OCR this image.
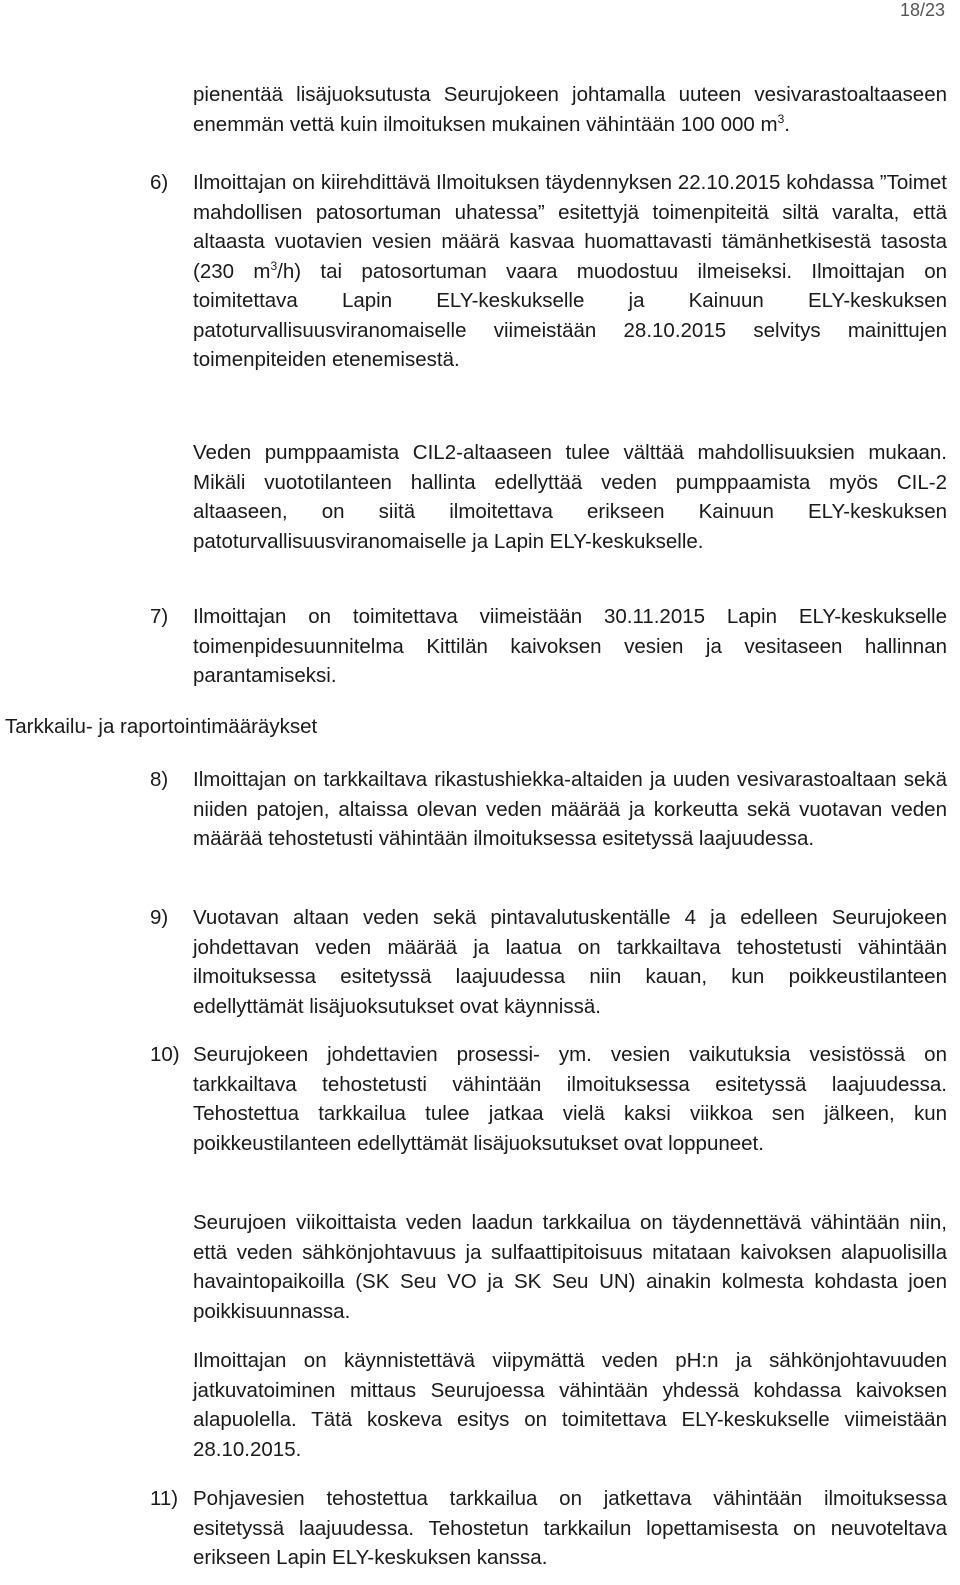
18/23

pienentää lisäjuoksutusta Seurujokeen johtamalla uuteen vesivarastoaltaaseen enemmän vettä kuin ilmoituksen mukainen vähintään 100 000 $m^3$.

6) Ilmoittajan on kiirehdittävä Ilmoituksen täydennyksen 22.10.2015 kohdassa ”Toimet mahdollisen patosortuman uhatessa” esitettyjä toimenpiteitä siltä varalta, että altaasta vuotavien vesien määrä kasvaa huomattavasti tämänhetkisestä tasosta (230 $m^3/h$) tai patosortuman vaara muodostuu ilmeiseksi. Ilmoittajan on toimitettava Lapin ELY-keskukselle ja Kainuun ELY-keskuksen patoturvallisuusviranomaiselle viimeistään 28.10.2015 selvitys mainittujen toimenpiteiden etenemisestä.

Veden pumppaamista CIL2-altaaseen tulee välttää mahdollisuuksien mukaan. Mikäli vuototilanteen hallinta edellyttää veden pumppaamista myös CIL-2 altaaseen, on siitä ilmoitettava erikseen Kainuun ELY-keskuksen patoturvallisuusviranomaiselle ja Lapin ELY-keskukselle.

7) Ilmoittajan on toimitettava viimeistään 30.11.2015 Lapin ELY-keskukselle toimenpidesuunnitelma Kittilän kaivoksen vesien ja vesitaseen hallinnan parantamiseksi.

Tarkkailu- ja raportointimääräykset

8) Ilmoittajan on tarkkailtava rikastushiekka-altaiden ja uuden vesivarastoaltaan sekä niiden patojen, altaissa olevan veden määrää ja korkeutta sekä vuotavan veden määrää tehostetusti vähintään ilmoituksessa esitetyssä laajuudessa.

9) Vuotavan altaan veden sekä pintavalutuskentälle 4 ja edelleen Seurujokeen johdettavan veden määrää ja laatua on tarkkailtava tehostetusti vähintään ilmoituksessa esitetyssä laajuudessa niin kauan, kun poikkeustilanteen edellyttämät lisäjuoksutukset ovat käynnissä.

10) Seurujokeen johdettavien prosessi- ym. vesien vaikutuksia vesistössä on tarkkailtava tehostetusti vähintään ilmoituksessa esitetyssä laajuudessa. Tehostettua tarkkailua tulee jatkaa vielä kaksi viikkoa sen jälkeen, kun poikkeustilanteen edellyttämät lisäjuoksutukset ovat loppuneet.

Seurujoen viikoittaista veden laadun tarkkailua on täydennettävä vähintään niin, että veden sähkönjohtavuus ja sulfaattipitoisuus mitataan kaivoksen alapuolisilla havaintopaikoilla (SK Seu VO ja SK Seu UN) ainakin kolmesta kohdasta joen poikkisuunnassa.

Ilmoittajan on käynnistettävä viipymättä veden pH:n ja sähkönjohtavuuden jatkuvatoiminen mittaus Seurujoessa vähintään yhdessä kohdassa kaivoksen alapuolella. Tätä koskeva esitys on toimitettava ELY-keskukselle viimeistään 28.10.2015.

11) Pohjavesien tehostettua tarkkailua on jatkettava vähintään ilmoituksessa esitetyssä laajuudessa. Tehostetun tarkkailun lopettamisesta on neuvoteltava erikseen Lapin ELY-keskuksen kanssa.
